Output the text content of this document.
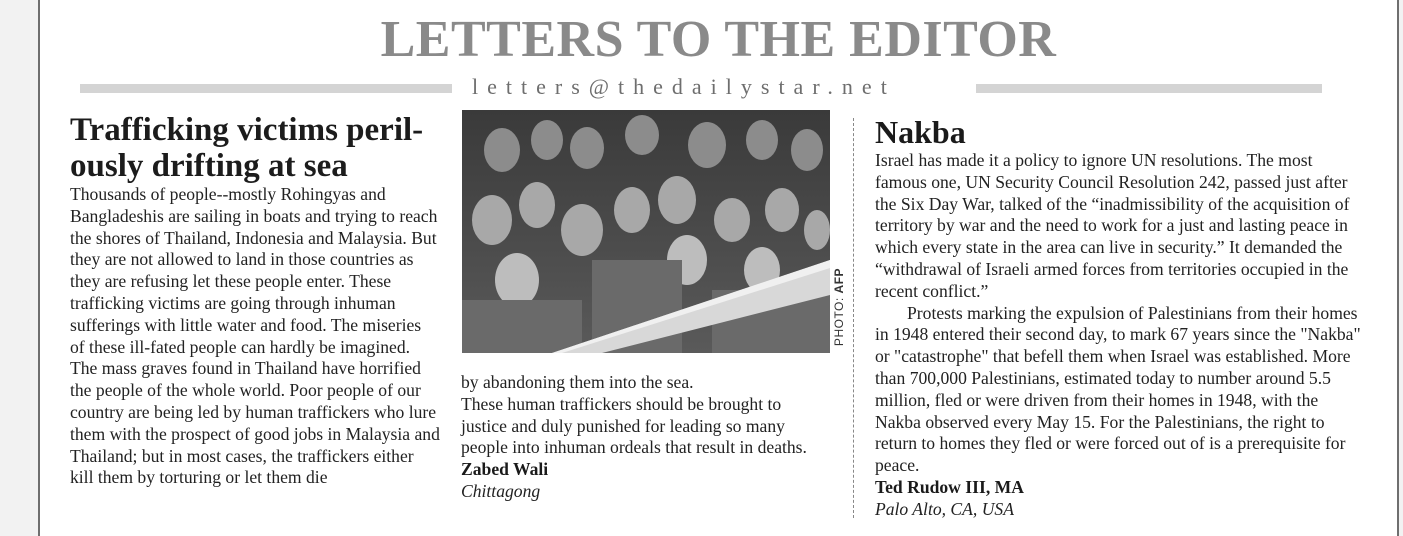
LETTERS TO THE EDITOR
letters@thedailystar.net
Trafficking victims peril-
ously drifting at sea

Thousands of people--mostly Rohingyas and Bangladeshis are sailing in boats and trying to reach the shores of Thailand, Indonesia and Malaysia. But they are not allowed to land in those countries as they are refusing let these people enter. These trafficking victims are going through inhuman sufferings with little water and food. The miseries of these ill-fated people can hardly be imagined. The mass graves found in Thailand have horrified the people of the whole world. Poor people of our country are being led by human traffickers who lure them with the prospect of good jobs in Malaysia and Thailand; but in most cases, the traffickers either kill them by torturing or let them die

PHOTO: AFP

by abandoning them into the sea.

These human traffickers should be brought to justice and duly punished for leading so many people into inhuman ordeals that result in deaths.

Zabed Wali
Chittagong
Nakba

Israel has made it a policy to ignore UN resolutions. The most famous one, UN Security Council Resolution 242, passed just after the Six Day War, talked of the “inadmissibility of the acquisition of territory by war and the need to work for a just and lasting peace in which every state in the area can live in security.” It demanded the “withdrawal of Israeli armed forces from territories occupied in the recent conflict.”

Protests marking the expulsion of Palestinians from their homes in 1948 entered their second day, to mark 67 years since the "Nakba" or "catastrophe" that befell them when Israel was established. More than 700,000 Palestinians, estimated today to number around 5.5 million, fled or were driven from their homes in 1948, with the Nakba observed every May 15. For the Palestinians, the right to return to homes they fled or were forced out of is a prerequisite for peace.

Ted Rudow III, MA
Palo Alto, CA, USA
